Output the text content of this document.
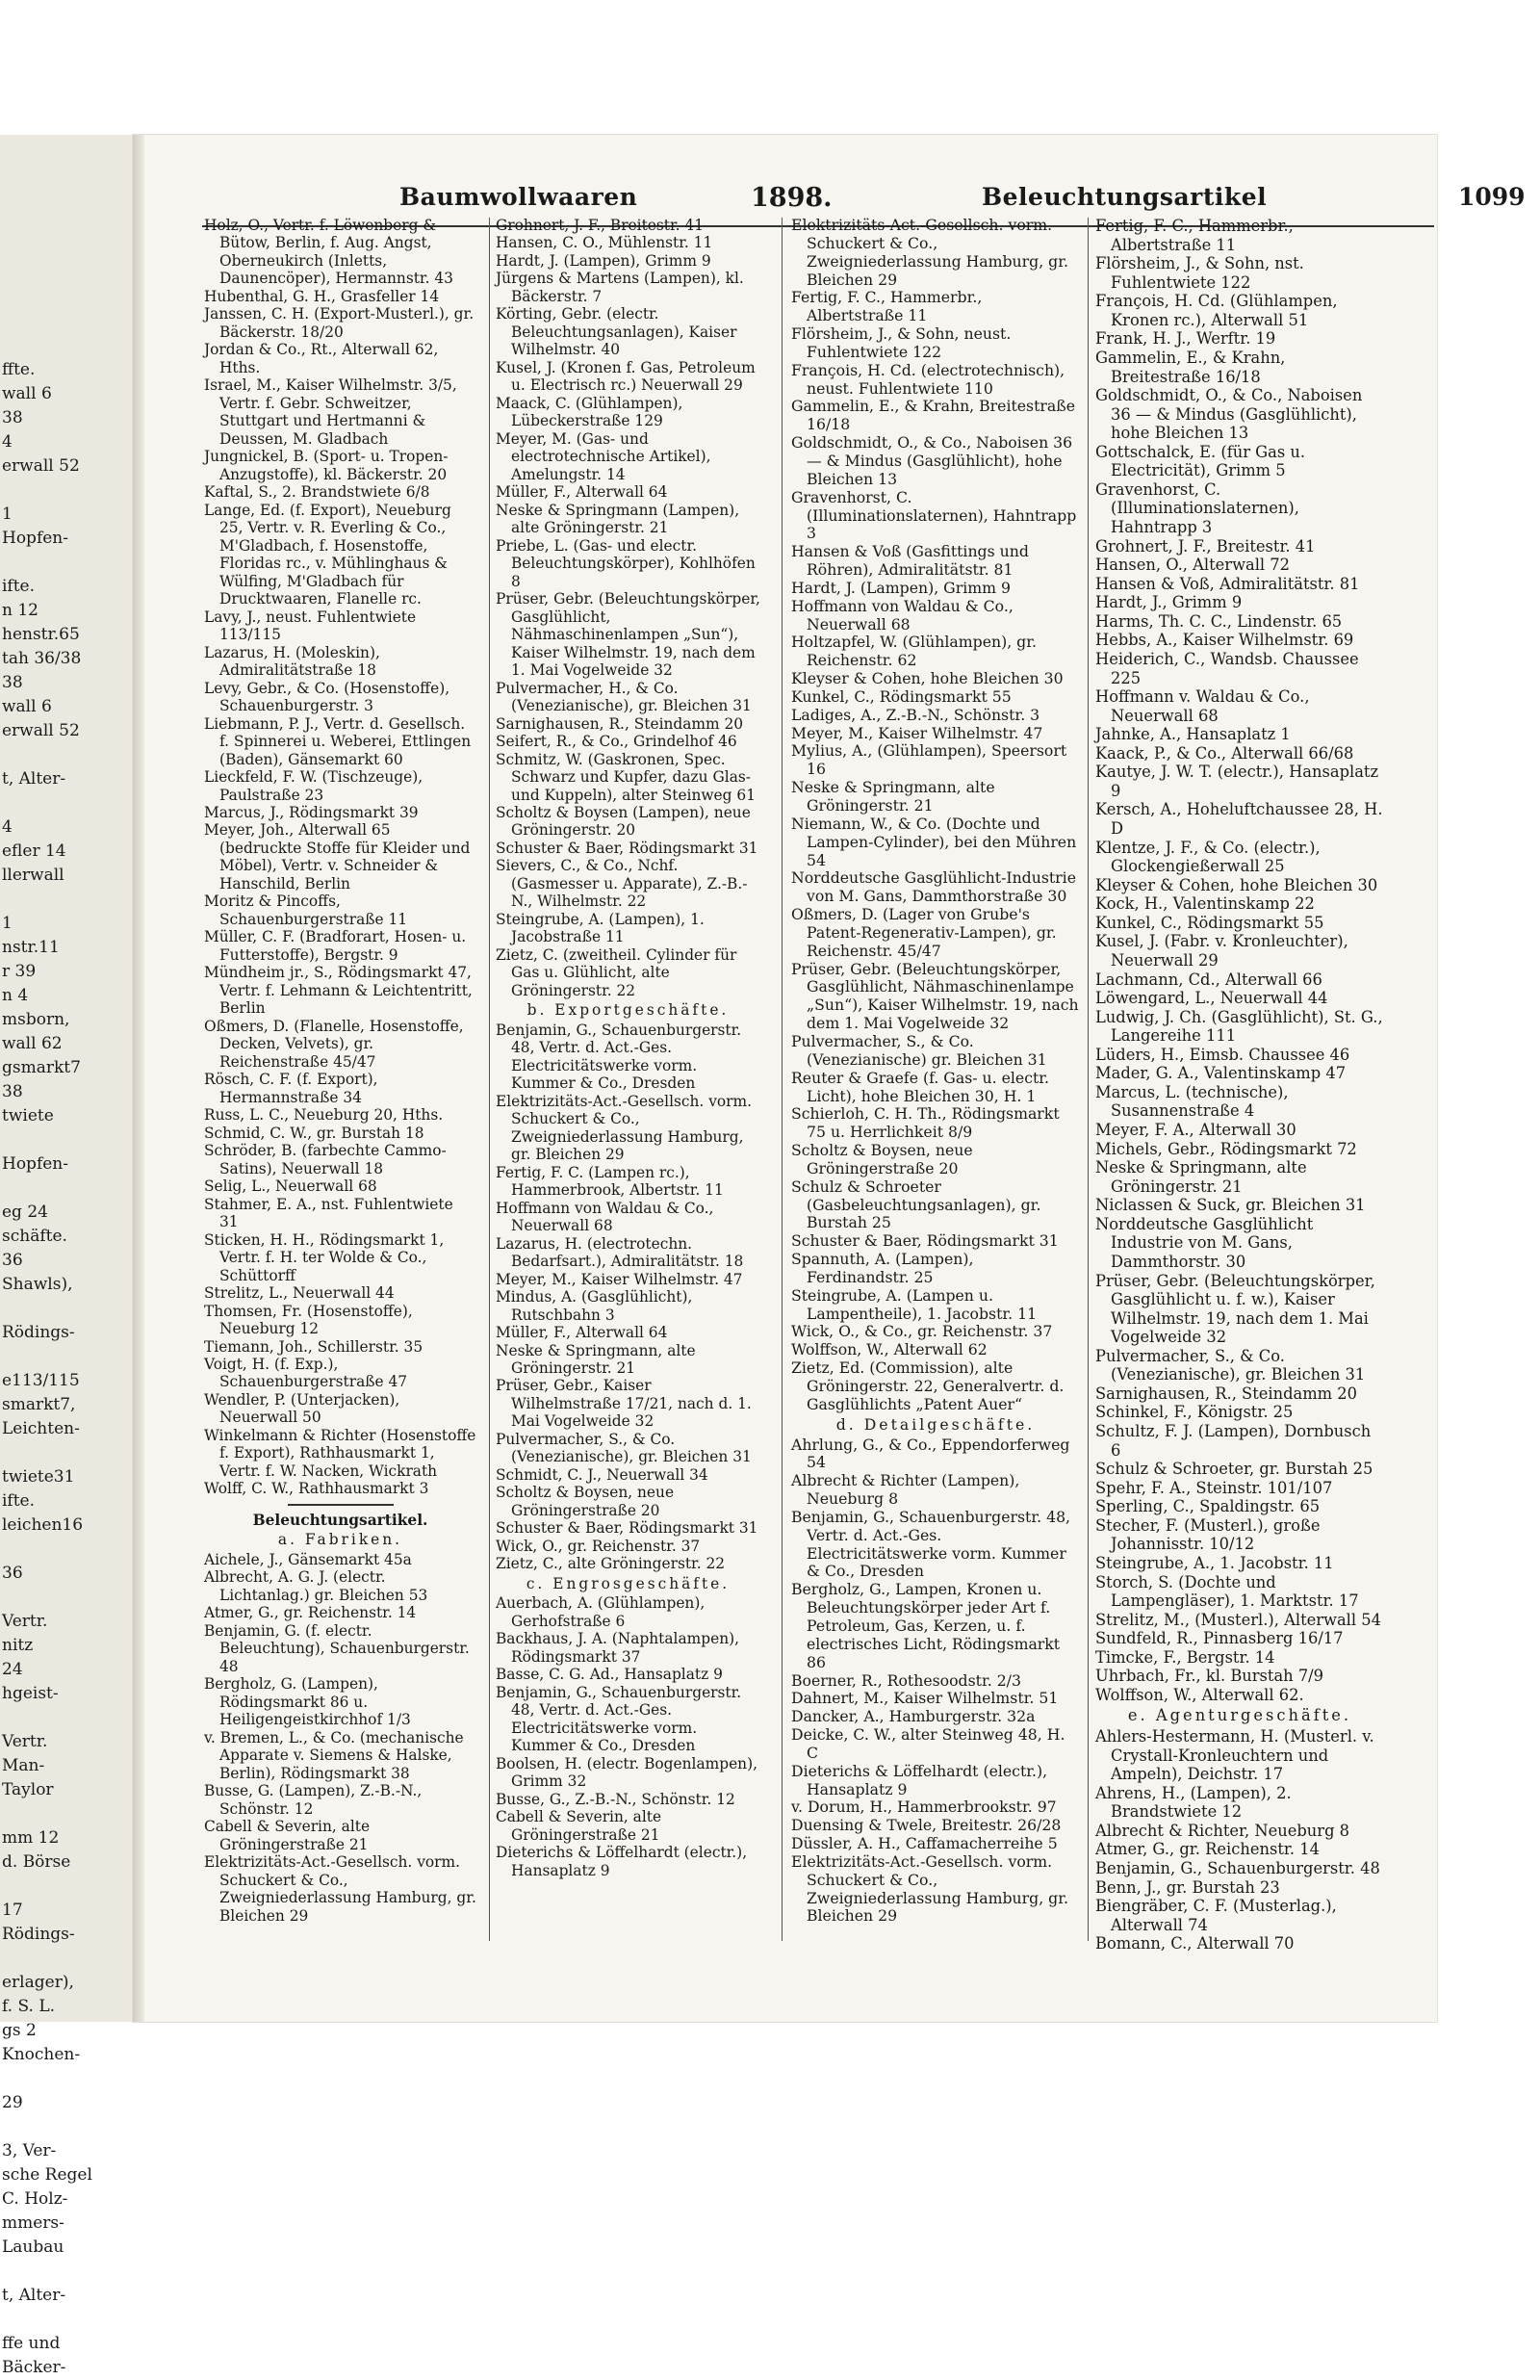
ffte.
wall 6
38
4
erwall 52

1
Hopfen-

ifte.
n 12
henstr.65
tah 36/38
38
wall 6
erwall 52

t, Alter-

4
efler 14
llerwall

1
nstr.11
r 39
n 4
msborn,
wall 62
gsmarkt7
38
twiete

Hopfen-

eg 24
schäfte.
36
Shawls),

Rödings-

e113/115
smarkt7,
Leichten-

twiete31
ifte.
leichen16

36

Vertr.
nitz
24
hgeist-

Vertr.
Man-
Taylor

mm 12
d. Börse

17
Rödings-

erlager),
f. S. L.
gs 2
Knochen-

29

3, Ver-
sche Regel
C. Holz-
mmers-
Laubau

t, Alter-

ffe und
Bäcker-
Baumwollwaaren	1898.	Beleuchtungsartikel	1099
Holz, O., Vertr. f. Löwenberg & Bütow, Berlin, f. Aug. Angst, Oberneukirch (Inletts, Daunencöper), Hermannstr. 43
Hubenthal, G. H., Grasfeller 14
Janssen, C. H. (Export-Musterl.), gr. Bäckerstr. 18/20
Jordan & Co., Rt., Alterwall 62, Hths.
Israel, M., Kaiser Wilhelmstr. 3/5, Vertr. f. Gebr. Schweitzer, Stuttgart und Hertmanni & Deussen, M. Gladbach
Jungnickel, B. (Sport- u. Tropen-Anzugstoffe), kl. Bäckerstr. 20
Kaftal, S., 2. Brandstwiete 6/8
Lange, Ed. (f. Export), Neueburg 25, Vertr. v. R. Everling & Co., M'Gladbach, f. Hosenstoffe, Floridas rc., v. Mühlinghaus & Wülfing, M'Gladbach für Drucktwaaren, Flanelle rc.
Lavy, J., neust. Fuhlentwiete 113/115
Lazarus, H. (Moleskin), Admiralitätstraße 18
Levy, Gebr., & Co. (Hosenstoffe), Schauenburgerstr. 3
Liebmann, P. J., Vertr. d. Gesellsch. f. Spinnerei u. Weberei, Ettlingen (Baden), Gänsemarkt 60
Lieckfeld, F. W. (Tischzeuge), Paulstraße 23
Marcus, J., Rödingsmarkt 39
Meyer, Joh., Alterwall 65 (bedruckte Stoffe für Kleider und Möbel), Vertr. v. Schneider & Hanschild, Berlin
Moritz & Pincoffs, Schauenburgerstraße 11
Müller, C. F. (Bradforart, Hosen- u. Futterstoffe), Bergstr. 9
Mündheim jr., S., Rödingsmarkt 47, Vertr. f. Lehmann & Leichtentritt, Berlin
Oßmers, D. (Flanelle, Hosenstoffe, Decken, Velvets), gr. Reichenstraße 45/47
Rösch, C. F. (f. Export), Hermannstraße 34
Russ, L. C., Neueburg 20, Hths.
Schmid, C. W., gr. Burstah 18
Schröder, B. (farbechte Cammo-Satins), Neuerwall 18
Selig, L., Neuerwall 68
Stahmer, E. A., nst. Fuhlentwiete 31
Sticken, H. H., Rödingsmarkt 1, Vertr. f. H. ter Wolde & Co., Schüttorff
Strelitz, L., Neuerwall 44
Thomsen, Fr. (Hosenstoffe), Neueburg 12
Tiemann, Joh., Schillerstr. 35
Voigt, H. (f. Exp.), Schauenburgerstraße 47
Wendler, P. (Unterjacken), Neuerwall 50
Winkelmann & Richter (Hosenstoffe f. Export), Rathhausmarkt 1, Vertr. f. W. Nacken, Wickrath
Wolff, C. W., Rathhausmarkt 3
Beleuchtungsartikel.
a. Fabriken.
Aichele, J., Gänsemarkt 45a
Albrecht, A. G. J. (electr. Lichtanlag.) gr. Bleichen 53
Atmer, G., gr. Reichenstr. 14
Benjamin, G. (f. electr. Beleuchtung), Schauenburgerstr. 48
Bergholz, G. (Lampen), Rödingsmarkt 86 u. Heiligengeistkirchhof 1/3
v. Bremen, L., & Co. (mechanische Apparate v. Siemens & Halske, Berlin), Rödingsmarkt 38
Busse, G. (Lampen), Z.-B.-N., Schönstr. 12
Cabell & Severin, alte Gröningerstraße 21
Elektrizitäts-Act.-Gesellsch. vorm. Schuckert & Co., Zweigniederlassung Hamburg, gr. Bleichen 29
Grohnert, J. F., Breitestr. 41
Hansen, C. O., Mühlenstr. 11
Hardt, J. (Lampen), Grimm 9
Jürgens & Martens (Lampen), kl. Bäckerstr. 7
Körting, Gebr. (electr. Beleuchtungsanlagen), Kaiser Wilhelmstr. 40
Kusel, J. (Kronen f. Gas, Petroleum u. Electrisch rc.) Neuerwall 29
Maack, C. (Glühlampen), Lübeckerstraße 129
Meyer, M. (Gas- und electrotechnische Artikel), Amelungstr. 14
Müller, F., Alterwall 64
Neske & Springmann (Lampen), alte Gröningerstr. 21
Priebe, L. (Gas- und electr. Beleuchtungskörper), Kohlhöfen 8
Prüser, Gebr. (Beleuchtungskörper, Gasglühlicht, Nähmaschinenlampen „Sun“), Kaiser Wilhelmstr. 19, nach dem 1. Mai Vogelweide 32
Pulvermacher, H., & Co. (Venezianische), gr. Bleichen 31
Sarnighausen, R., Steindamm 20
Seifert, R., & Co., Grindelhof 46
Schmitz, W. (Gaskronen, Spec. Schwarz und Kupfer, dazu Glas- und Kuppeln), alter Steinweg 61
Scholtz & Boysen (Lampen), neue Gröningerstr. 20
Schuster & Baer, Rödingsmarkt 31
Sievers, C., & Co., Nchf. (Gasmesser u. Apparate), Z.-B.-N., Wilhelmstr. 22
Steingrube, A. (Lampen), 1. Jacobstraße 11
Zietz, C. (zweitheil. Cylinder für Gas u. Glühlicht, alte Gröningerstr. 22
b. Exportgeschäfte.
Benjamin, G., Schauenburgerstr. 48, Vertr. d. Act.-Ges. Electricitätswerke vorm. Kummer & Co., Dresden
Elektrizitäts-Act.-Gesellsch. vorm. Schuckert & Co., Zweigniederlassung Hamburg, gr. Bleichen 29
Fertig, F. C. (Lampen rc.), Hammerbrook, Albertstr. 11
Hoffmann von Waldau & Co., Neuerwall 68
Lazarus, H. (electrotechn. Bedarfsart.), Admiralitätstr. 18
Meyer, M., Kaiser Wilhelmstr. 47
Mindus, A. (Gasglühlicht), Rutschbahn 3
Müller, F., Alterwall 64
Neske & Springmann, alte Gröningerstr. 21
Prüser, Gebr., Kaiser Wilhelmstraße 17/21, nach d. 1. Mai Vogelweide 32
Pulvermacher, S., & Co. (Venezianische), gr. Bleichen 31
Schmidt, C. J., Neuerwall 34
Scholtz & Boysen, neue Gröningerstraße 20
Schuster & Baer, Rödingsmarkt 31
Wick, O., gr. Reichenstr. 37
Zietz, C., alte Gröningerstr. 22
c. Engrosgeschäfte.
Auerbach, A. (Glühlampen), Gerhofstraße 6
Backhaus, J. A. (Naphtalampen), Rödingsmarkt 37
Basse, C. G. Ad., Hansaplatz 9
Benjamin, G., Schauenburgerstr. 48, Vertr. d. Act.-Ges. Electricitätswerke vorm. Kummer & Co., Dresden
Boolsen, H. (electr. Bogenlampen), Grimm 32
Busse, G., Z.-B.-N., Schönstr. 12
Cabell & Severin, alte Gröningerstraße 21
Dieterichs & Löffelhardt (electr.), Hansaplatz 9
Elektrizitäts-Act.-Gesellsch. vorm. Schuckert & Co., Zweigniederlassung Hamburg, gr. Bleichen 29
Fertig, F. C., Hammerbr., Albertstraße 11
Flörsheim, J., & Sohn, neust. Fuhlentwiete 122
François, H. Cd. (electrotechnisch), neust. Fuhlentwiete 110
Gammelin, E., & Krahn, Breitestraße 16/18
Goldschmidt, O., & Co., Naboisen 36 — & Mindus (Gasglühlicht), hohe Bleichen 13
Gravenhorst, C. (Illuminationslaternen), Hahntrapp 3
Hansen & Voß (Gasfittings und Röhren), Admiralitätstr. 81
Hardt, J. (Lampen), Grimm 9
Hoffmann von Waldau & Co., Neuerwall 68
Holtzapfel, W. (Glühlampen), gr. Reichenstr. 62
Kleyser & Cohen, hohe Bleichen 30
Kunkel, C., Rödingsmarkt 55
Ladiges, A., Z.-B.-N., Schönstr. 3
Meyer, M., Kaiser Wilhelmstr. 47
Mylius, A., (Glühlampen), Speersort 16
Neske & Springmann, alte Gröningerstr. 21
Niemann, W., & Co. (Dochte und Lampen-Cylinder), bei den Mühren 54
Norddeutsche Gasglühlicht-Industrie von M. Gans, Dammthorstraße 30
Oßmers, D. (Lager von Grube's Patent-Regenerativ-Lampen), gr. Reichenstr. 45/47
Prüser, Gebr. (Beleuchtungskörper, Gasglühlicht, Nähmaschinenlampe „Sun“), Kaiser Wilhelmstr. 19, nach dem 1. Mai Vogelweide 32
Pulvermacher, S., & Co. (Venezianische) gr. Bleichen 31
Reuter & Graefe (f. Gas- u. electr. Licht), hohe Bleichen 30, H. 1
Schierloh, C. H. Th., Rödingsmarkt 75 u. Herrlichkeit 8/9
Scholtz & Boysen, neue Gröningerstraße 20
Schulz & Schroeter (Gasbeleuchtungsanlagen), gr. Burstah 25
Schuster & Baer, Rödingsmarkt 31
Spannuth, A. (Lampen), Ferdinandstr. 25
Steingrube, A. (Lampen u. Lampentheile), 1. Jacobstr. 11
Wick, O., & Co., gr. Reichenstr. 37
Wolffson, W., Alterwall 62
Zietz, Ed. (Commission), alte Gröningerstr. 22, Generalvertr. d. Gasglühlichts „Patent Auer“
d. Detailgeschäfte.
Ahrlung, G., & Co., Eppendorferweg 54
Albrecht & Richter (Lampen), Neueburg 8
Benjamin, G., Schauenburgerstr. 48, Vertr. d. Act.-Ges. Electricitätswerke vorm. Kummer & Co., Dresden
Bergholz, G., Lampen, Kronen u. Beleuchtungskörper jeder Art f. Petroleum, Gas, Kerzen, u. f. electrisches Licht, Rödingsmarkt 86
Boerner, R., Rothesoodstr. 2/3
Dahnert, M., Kaiser Wilhelmstr. 51
Dancker, A., Hamburgerstr. 32a
Deicke, C. W., alter Steinweg 48, H. C
Dieterichs & Löffelhardt (electr.), Hansaplatz 9
v. Dorum, H., Hammerbrookstr. 97
Duensing & Twele, Breitestr. 26/28
Düssler, A. H., Caffamacherreihe 5
Elektrizitäts-Act.-Gesellsch. vorm. Schuckert & Co., Zweigniederlassung Hamburg, gr. Bleichen 29
Fertig, F. C., Hammerbr., Albertstraße 11
Flörsheim, J., & Sohn, nst. Fuhlentwiete 122
François, H. Cd. (Glühlampen, Kronen rc.), Alterwall 51
Frank, H. J., Werftr. 19
Gammelin, E., & Krahn, Breitestraße 16/18
Goldschmidt, O., & Co., Naboisen 36 — & Mindus (Gasglühlicht), hohe Bleichen 13
Gottschalck, E. (für Gas u. Electricität), Grimm 5
Gravenhorst, C. (Illuminationslaternen), Hahntrapp 3
Grohnert, J. F., Breitestr. 41
Hansen, O., Alterwall 72
Hansen & Voß, Admiralitätstr. 81
Hardt, J., Grimm 9
Harms, Th. C. C., Lindenstr. 65
Hebbs, A., Kaiser Wilhelmstr. 69
Heiderich, C., Wandsb. Chaussee 225
Hoffmann v. Waldau & Co., Neuerwall 68
Jahnke, A., Hansaplatz 1
Kaack, P., & Co., Alterwall 66/68
Kautye, J. W. T. (electr.), Hansaplatz 9
Kersch, A., Hoheluftchaussee 28, H. D
Klentze, J. F., & Co. (electr.), Glockengießerwall 25
Kleyser & Cohen, hohe Bleichen 30
Kock, H., Valentinskamp 22
Kunkel, C., Rödingsmarkt 55
Kusel, J. (Fabr. v. Kronleuchter), Neuerwall 29
Lachmann, Cd., Alterwall 66
Löwengard, L., Neuerwall 44
Ludwig, J. Ch. (Gasglühlicht), St. G., Langereihe 111
Lüders, H., Eimsb. Chaussee 46
Mader, G. A., Valentinskamp 47
Marcus, L. (technische), Susannenstraße 4
Meyer, F. A., Alterwall 30
Michels, Gebr., Rödingsmarkt 72
Neske & Springmann, alte Gröningerstr. 21
Niclassen & Suck, gr. Bleichen 31
Norddeutsche Gasglühlicht Industrie von M. Gans, Dammthorstr. 30
Prüser, Gebr. (Beleuchtungskörper, Gasglühlicht u. f. w.), Kaiser Wilhelmstr. 19, nach dem 1. Mai Vogelweide 32
Pulvermacher, S., & Co. (Venezianische), gr. Bleichen 31
Sarnighausen, R., Steindamm 20
Schinkel, F., Königstr. 25
Schultz, F. J. (Lampen), Dornbusch 6
Schulz & Schroeter, gr. Burstah 25
Spehr, F. A., Steinstr. 101/107
Sperling, C., Spaldingstr. 65
Stecher, F. (Musterl.), große Johannisstr. 10/12
Steingrube, A., 1. Jacobstr. 11
Storch, S. (Dochte und Lampengläser), 1. Marktstr. 17
Strelitz, M., (Musterl.), Alterwall 54
Sundfeld, R., Pinnasberg 16/17
Timcke, F., Bergstr. 14
Uhrbach, Fr., kl. Burstah 7/9
Wolffson, W., Alterwall 62.
e. Agenturgeschäfte.
Ahlers-Hestermann, H. (Musterl. v. Crystall-Kronleuchtern und Ampeln), Deichstr. 17
Ahrens, H., (Lampen), 2. Brandstwiete 12
Albrecht & Richter, Neueburg 8
Atmer, G., gr. Reichenstr. 14
Benjamin, G., Schauenburgerstr. 48
Benn, J., gr. Burstah 23
Biengräber, C. F. (Musterlag.), Alterwall 74
Bomann, C., Alterwall 70
